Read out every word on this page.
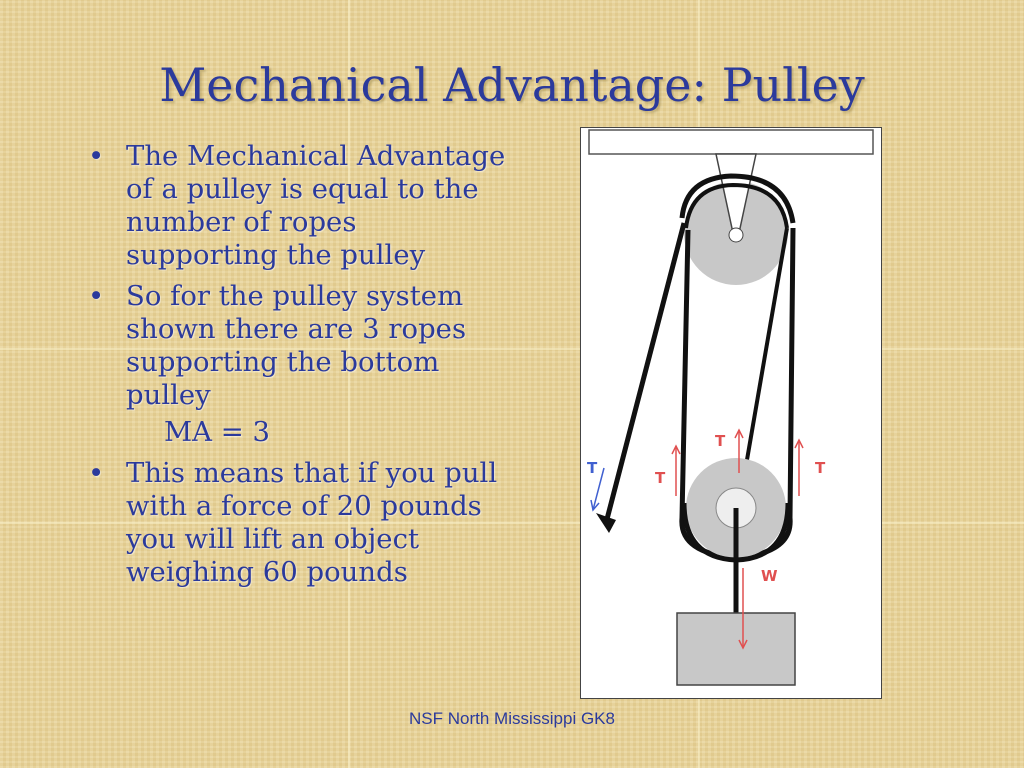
Mechanical Advantage: Pulley
• The Mechanical Advantage of a pulley is equal to the number of ropes supporting the pulley
• So for the pulley system shown there are 3 ropes supporting the bottom pulley
MA = 3
• This means that if you pull with a force of 20 pounds you will lift an object weighing 60 pounds
T
T
T
T
W
NSF North Mississippi GK8
